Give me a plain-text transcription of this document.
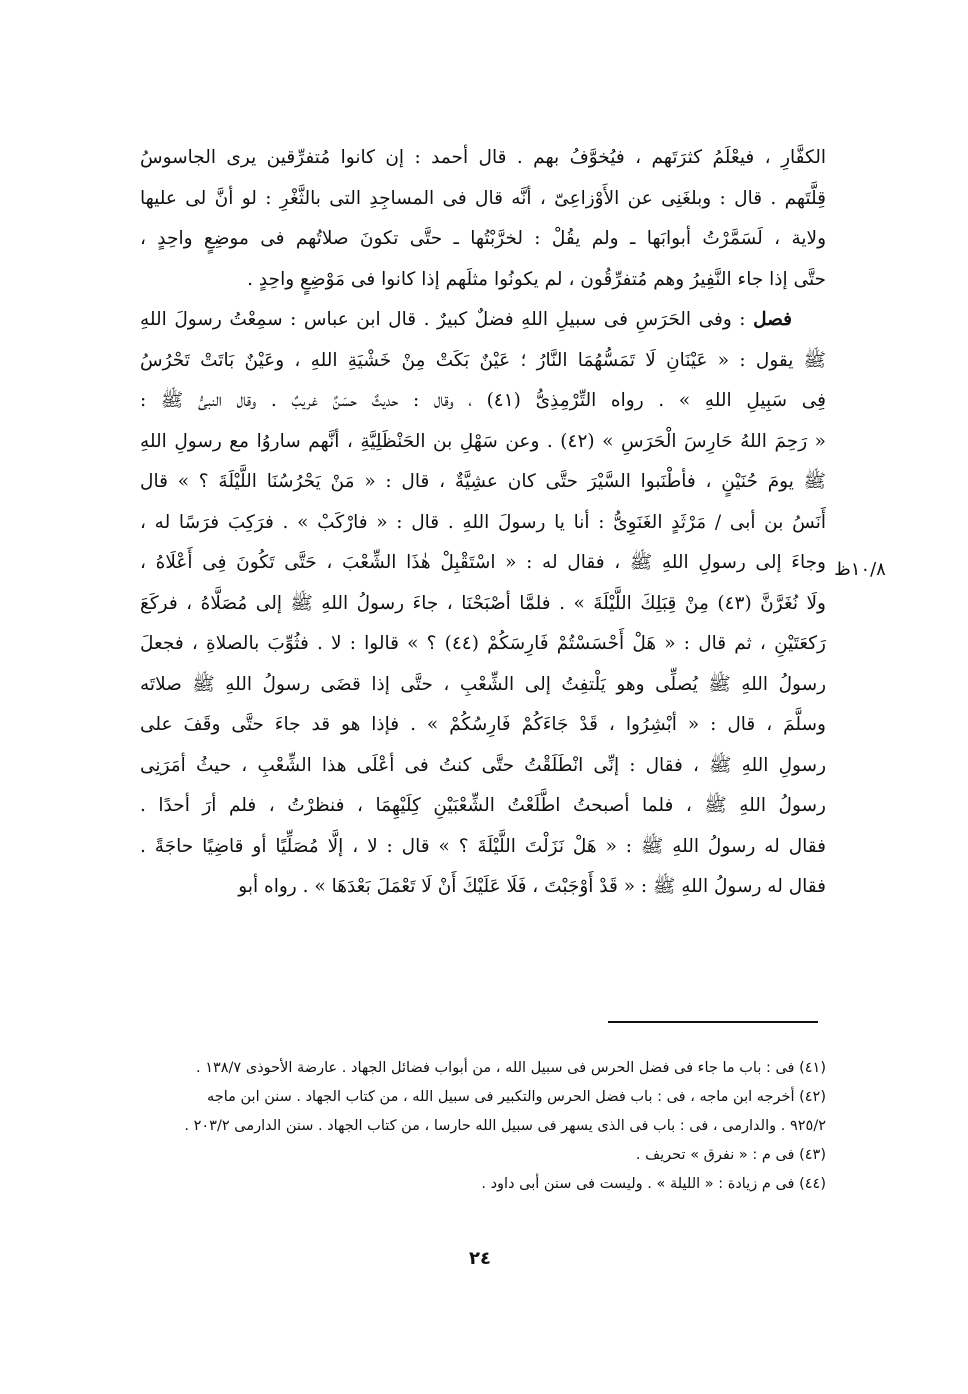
الكفَّارِ ، فيعْلَمُ كثرَتَهم ، فيُخوَّفُ بهم . قال أحمد : إن كانوا مُتفرِّقين يرى الجاسوسُ
قِلَّتَهم . قال : وبلغَنِى عن الأَوْزاعِىّ ، أنَّه قال فى المساجِدِ التى بالثَّغْرِ : لو أنَّ لى عليها
ولاية ، لَسَمَّرْتُ أبوابَها ـ ولم يقُلْ : لخرَّبْتُها ـ حتَّى تكونَ صلاتُهم فى موضِعٍ واحِدٍ ،
حتَّى إذا جاء النَّفِيرُ وهم مُتفرِّقُون ، لم يكونُوا مثلَهم إذا كانوا فى مَوْضِعٍ واحِدٍ .
فصل : وفى الحَرَسِ فى سبيلِ اللهِ فضلٌ كبيرٌ . قال ابن عباس : سمِعْتُ رسولَ اللهِ
ﷺ يقول : « عَيْنَانِ لَا تَمَسُّهُمَا النَّارُ ؛ عَيْنٌ بَكَتْ مِنْ خَشْيَةِ اللهِ ، وعَيْنٌ بَاتَتْ تَحْرُسُ
فِى سَبِيلِ اللهِ » . رواه التِّرْمِذِىُّ (٤١) ، وقال : حديثٌ حسَنٌ غريبٌ . وقال النبىُّ ﷺ :
« رَحِمَ اللهُ حَارِسَ الْحَرَسِ » (٤٢) . وعن سَهْلِ بن الحَنْظَلِيَّةِ ، أنَّهم ساروُا مع رسولِ اللهِ
ﷺ يومَ حُنَيْنٍ ، فأطْنَبوا السَّيْرَ حتَّى كان عشِيَّةٌ ، قال : « مَنْ يَحْرُسُنَا اللَّيْلَةَ ؟ » قال
أَنَسُ بن أبى / مَرْثَدٍ الغَنَوِىُّ : أنا يا رسولَ اللهِ . قال : « فارْكَبْ » . فرَكِبَ فرَسًا له ،
وجاءَ إلى رسولِ اللهِ ﷺ ، فقال له : « اسْتَقْبِلْ هٰذَا الشِّعْبَ ، حَتَّى تَكُونَ فِى أَعْلَاهُ ،
ولَا نُغَرَّنَّ (٤٣) مِنْ قِبَلِكَ اللَّيْلَةَ » . فلمَّا أصْبَحْنَا ، جاءَ رسولُ اللهِ ﷺ إلى مُصَلَّاهُ ، فركَعَ
رَكعَتَيْنِ ، ثم قال : « هَلْ أَحْسَسْتُمْ فَارِسَكُمْ (٤٤) ؟ » قالوا : لا . فثُوِّبَ بالصلاةِ ، فجعلَ
رسولُ اللهِ ﷺ يُصلِّى وهو يَلْتفِتُ إلى الشِّعْبِ ، حتَّى إذا قضَى رسولُ اللهِ ﷺ صلاتَه
وسلَّمَ ، قال : « أبْشِرُوا ، قَدْ جَاءَكُمْ فَارِسُكُمْ » . فإذا هو قد جاءَ حتَّى وقَفَ على
رسولِ اللهِ ﷺ ، فقال : إنِّى انْطَلَقْتُ حتَّى كنتُ فى أعْلَى هذا الشِّعْبِ ، حيثُ أمَرَنِى
رسولُ اللهِ ﷺ ، فلما أصبحتُ اطَّلَعْتُ الشِّعْبَيْنِ كِلَيْهِمَا ، فنظرْتُ ، فلم أرَ أحدًا .
فقال له رسولُ اللهِ ﷺ : « هَلْ نَزَلْتَ اللَّيْلَةَ ؟ » قال : لا ، إلَّا مُصَلِّيًا أو قاضِيًا حاجَةً .
فقال له رسولُ اللهِ ﷺ : « قَدْ أَوْجَبْتَ ، فَلَا عَلَيْكَ أَنْ لَا تَعْمَلَ بَعْدَهَا » . رواه أبو
١٠/٨ظ
(٤١) فى : باب ما جاء فى فضل الحرس فى سبيل الله ، من أبواب فضائل الجهاد . عارضة الأحوذى ١٣٨/٧ .
(٤٢) أخرجه ابن ماجه ، فى : باب فضل الحرس والتكبير فى سبيل الله ، من كتاب الجهاد . سنن ابن ماجه
٩٢٥/٢ . والدارمى ، فى : باب فى الذى يسهر فى سبيل الله حارسا ، من كتاب الجهاد . سنن الدارمى ٢٠٣/٢ .
(٤٣) فى م : « نفرق » تحريف .
(٤٤) فى م زيادة : « الليلة » . وليست فى سنن أبى داود .
٢٤
